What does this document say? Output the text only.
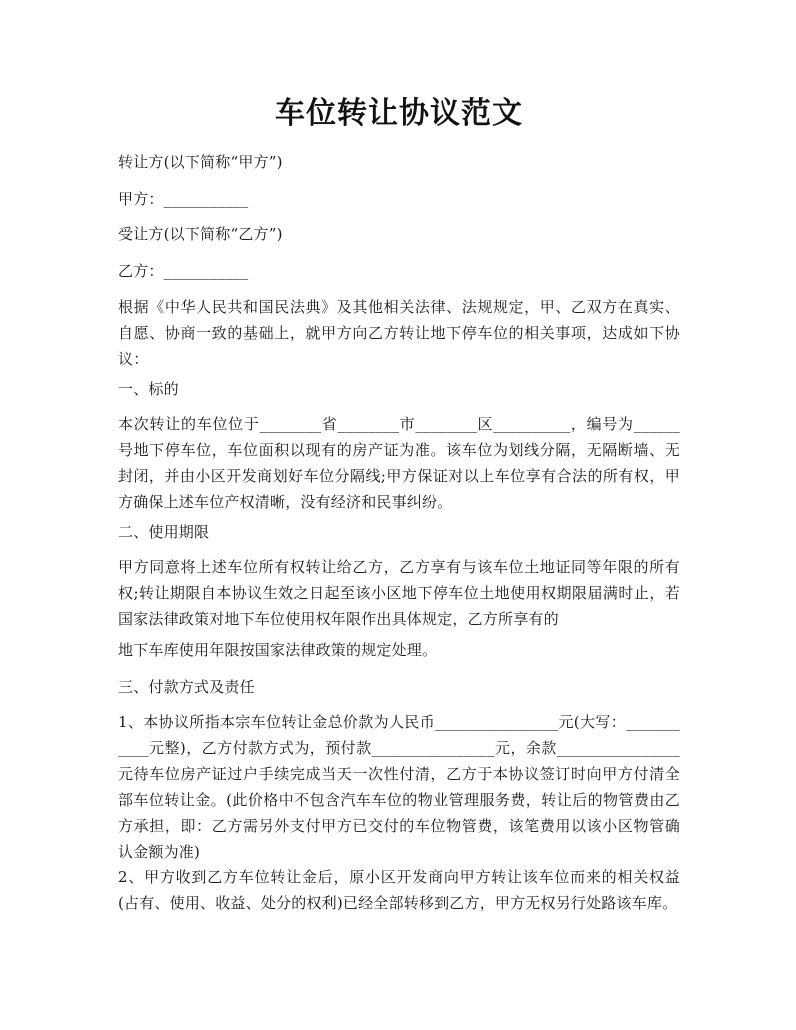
车位转让协议范文
转让方(以下简称“甲方”)
甲方：___________
受让方(以下简称“乙方”)
乙方：___________
根据《中华人民共和国民法典》及其他相关法律、法规规定，甲、乙双方在真实、自愿、协商一致的基础上，就甲方向乙方转让地下停车位的相关事项，达成如下协议：
一、标的
本次转让的车位位于________省________市________区__________，编号为______号地下停车位，车位面积以现有的房产证为准。该车位为划线分隔，无隔断墙、无封闭，并由小区开发商划好车位分隔线;甲方保证对以上车位享有合法的所有权，甲方确保上述车位产权清晰，没有经济和民事纠纷。
二、使用期限
甲方同意将上述车位所有权转让给乙方，乙方享有与该车位土地证同等年限的所有权;转让期限自本协议生效之日起至该小区地下停车位土地使用权期限届满时止，若国家法律政策对地下车位使用权年限作出具体规定，乙方所享有的
地下车库使用年限按国家法律政策的规定处理。
三、付款方式及责任
1、本协议所指本宗车位转让金总价款为人民币________________元(大写：___________元整)，乙方付款方式为，预付款________________元，余款________________元待车位房产证过户手续完成当天一次性付清，乙方于本协议签订时向甲方付清全部车位转让金。(此价格中不包含汽车车位的物业管理服务费，转让后的物管费由乙方承担，即：乙方需另外支付甲方已交付的车位物管费，该笔费用以该小区物管确认金额为准)
2、甲方收到乙方车位转让金后，原小区开发商向甲方转让该车位而来的相关权益(占有、使用、收益、处分的权利)已经全部转移到乙方，甲方无权另行处路该车库。
